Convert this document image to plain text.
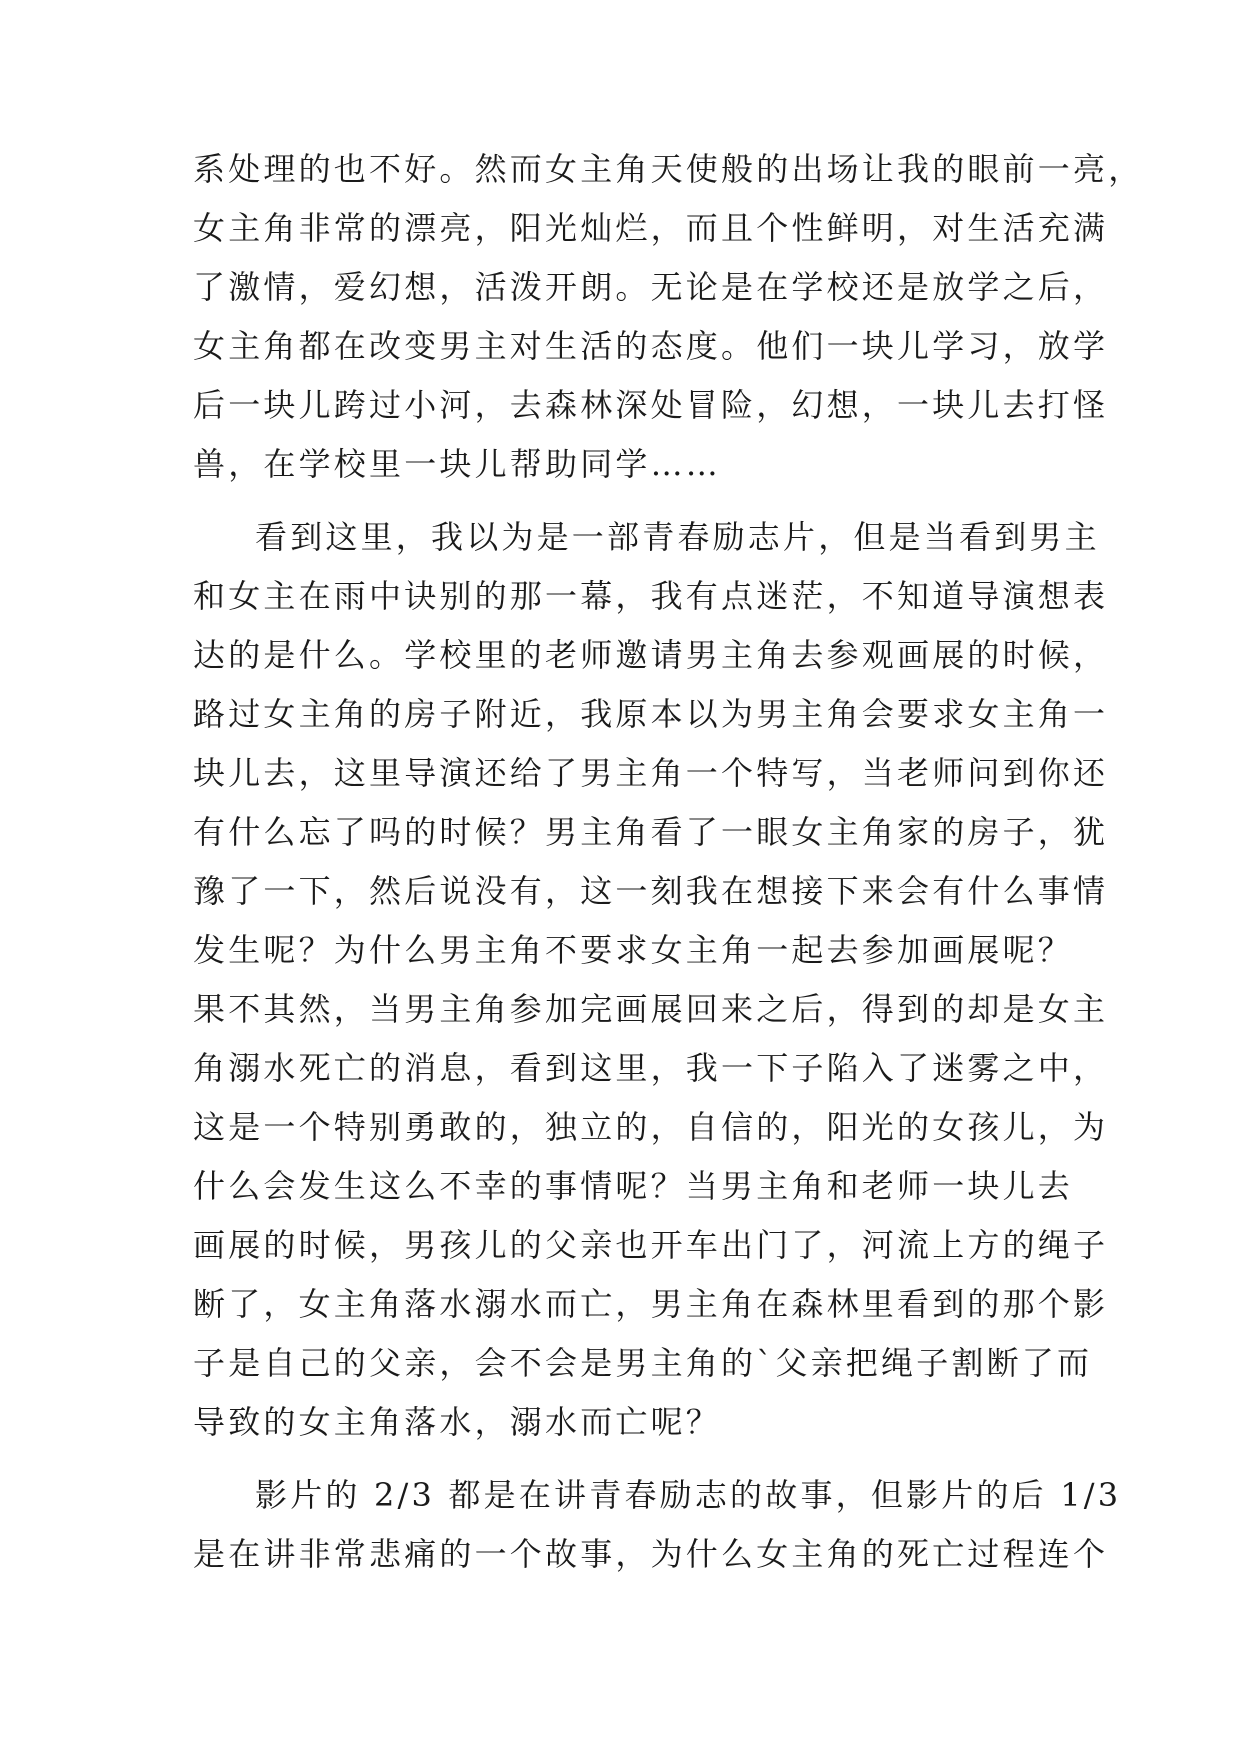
系处理的也不好。然而女主角天使般的出场让我的眼前一亮，
女主角非常的漂亮，阳光灿烂，而且个性鲜明，对生活充满
了激情，爱幻想，活泼开朗。无论是在学校还是放学之后，
女主角都在改变男主对生活的态度。他们一块儿学习，放学
后一块儿跨过小河，去森林深处冒险，幻想，一块儿去打怪
兽，在学校里一块儿帮助同学……
看到这里，我以为是一部青春励志片，但是当看到男主
和女主在雨中诀别的那一幕，我有点迷茫，不知道导演想表
达的是什么。学校里的老师邀请男主角去参观画展的时候，
路过女主角的房子附近，我原本以为男主角会要求女主角一
块儿去，这里导演还给了男主角一个特写，当老师问到你还
有什么忘了吗的时候？男主角看了一眼女主角家的房子，犹
豫了一下，然后说没有，这一刻我在想接下来会有什么事情
发生呢？为什么男主角不要求女主角一起去参加画展呢？
果不其然，当男主角参加完画展回来之后，得到的却是女主
角溺水死亡的消息，看到这里，我一下子陷入了迷雾之中，
这是一个特别勇敢的，独立的，自信的，阳光的女孩儿，为
什么会发生这么不幸的事情呢？当男主角和老师一块儿去
画展的时候，男孩儿的父亲也开车出门了，河流上方的绳子
断了，女主角落水溺水而亡，男主角在森林里看到的那个影
子是自己的父亲，会不会是男主角的`父亲把绳子割断了而
导致的女主角落水，溺水而亡呢？
影片的 2/3 都是在讲青春励志的故事，但影片的后 1/3
是在讲非常悲痛的一个故事，为什么女主角的死亡过程连个
